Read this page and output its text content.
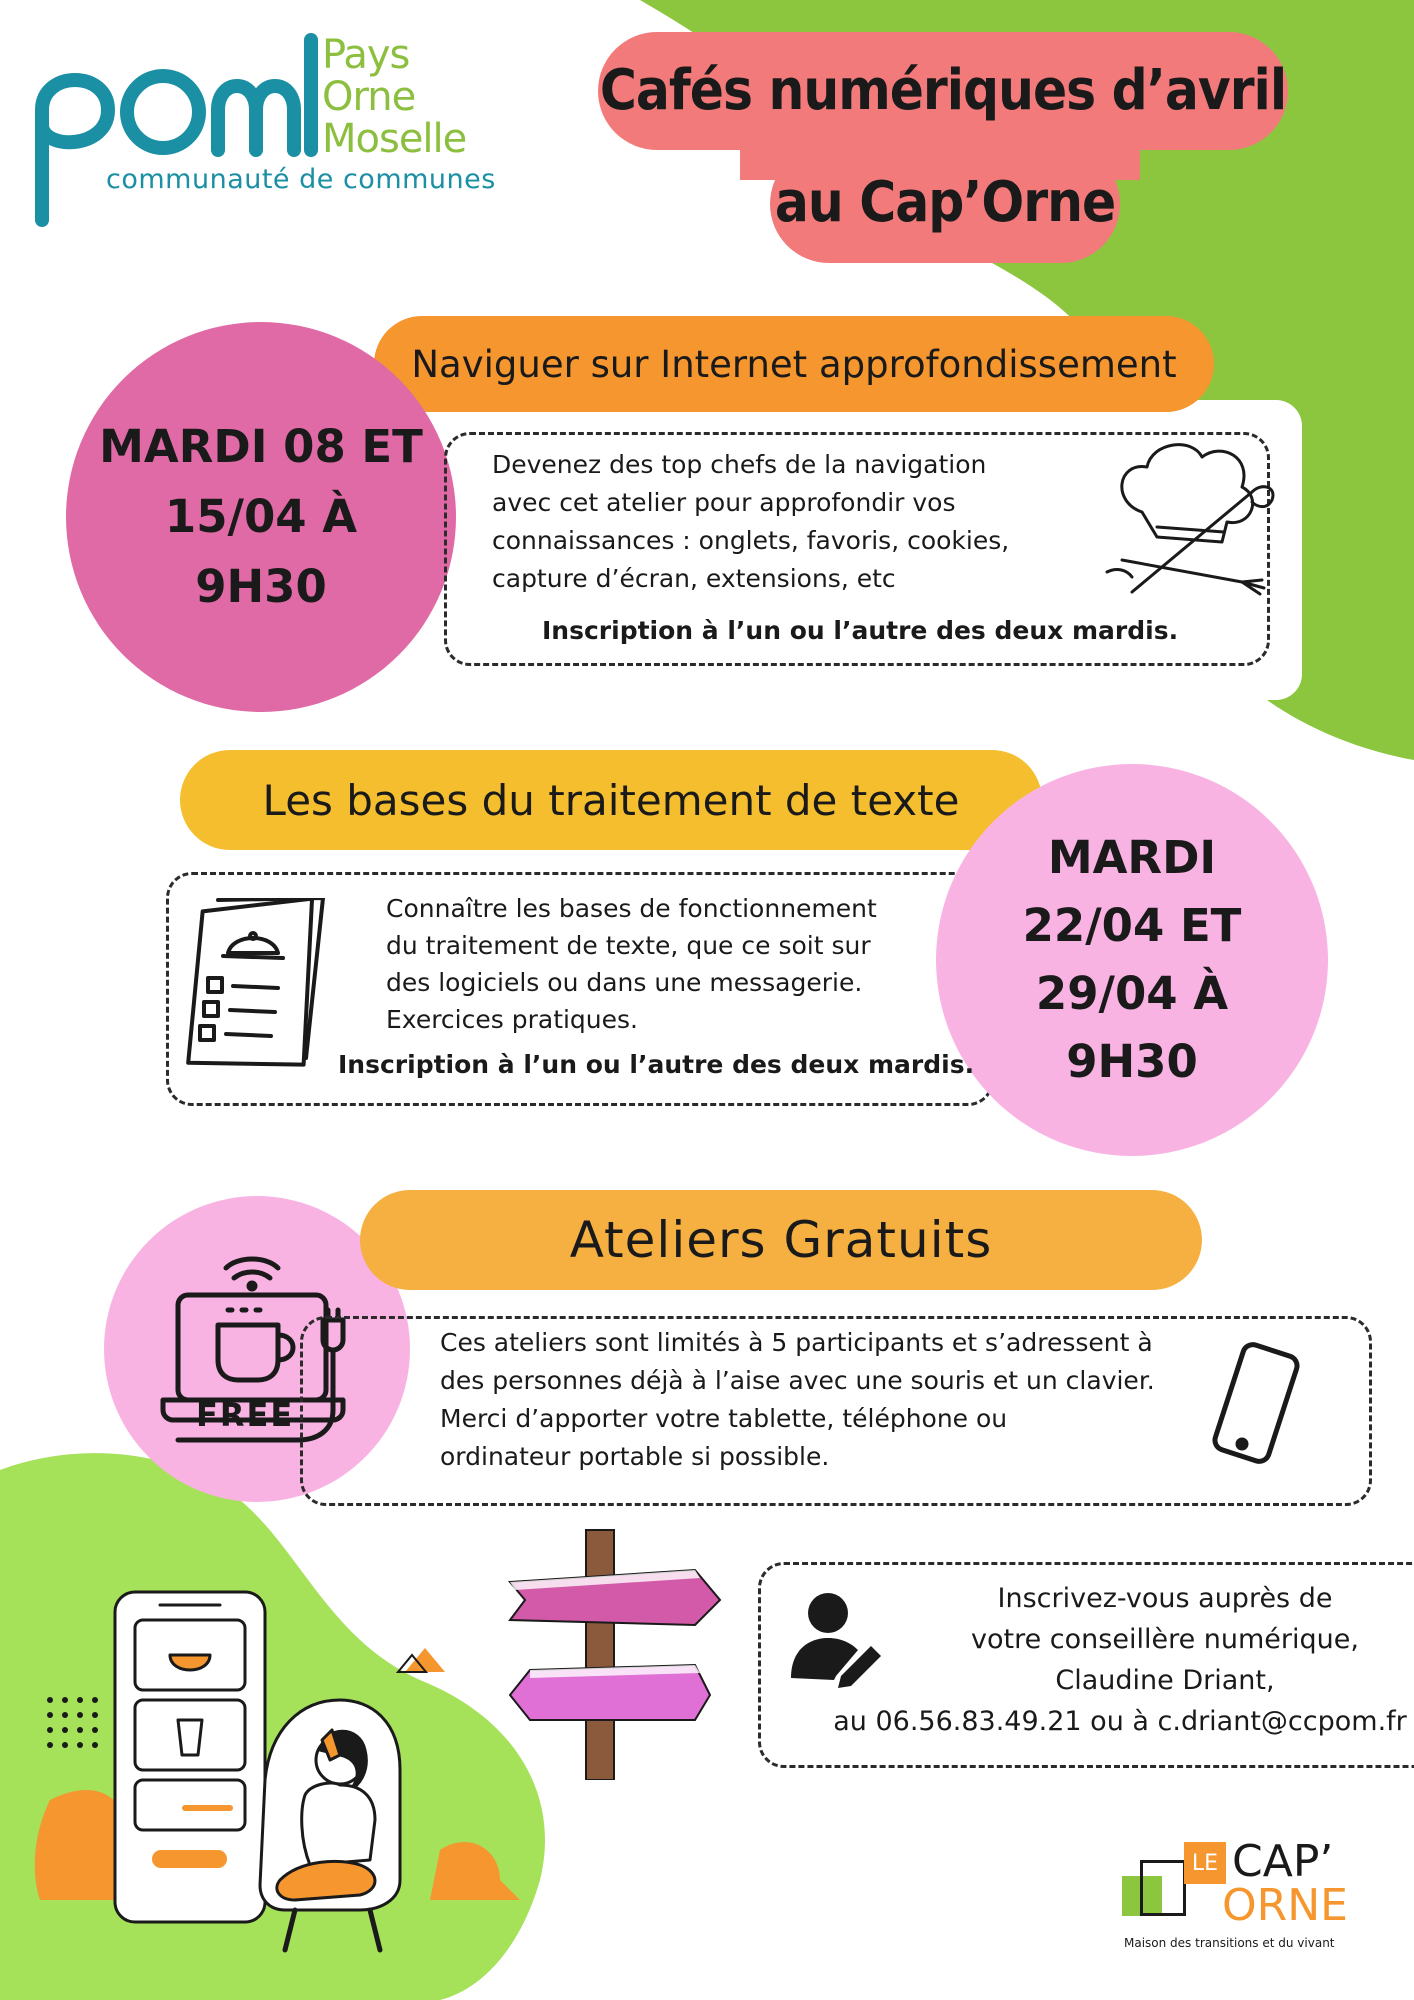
Pays
Orne
Moselle
communauté de communes
Cafés numériques d’avril
au Cap’Orne
Naviguer sur Internet approfondissement
MARDI 08 ET
15/04 À
9H30
Devenez des top chefs de la navigation
avec cet atelier pour approfondir vos
connaissances : onglets, favoris, cookies,
capture d’écran, extensions, etc
Inscription à l’un ou l’autre des deux mardis.
Les bases du traitement de texte
MARDI
22/04 ET
29/04 À
9H30
Connaître les bases de fonctionnement
du traitement de texte, que ce soit sur
des logiciels ou dans une messagerie.
Exercices pratiques.
Inscription à l’un ou l’autre des deux mardis.
FREE
Ateliers Gratuits
Ces ateliers sont limités à 5 participants et s’adressent à
des personnes déjà à l’aise avec une souris et un clavier.
Merci d’apporter votre tablette, téléphone ou
ordinateur portable si possible.
Inscrivez-vous auprès de
votre conseillère numérique,
Claudine Driant,
au 06.56.83.49.21 ou à c.driant@ccpom.fr
LE CAP’
ORNE
Maison des transitions et du vivant
